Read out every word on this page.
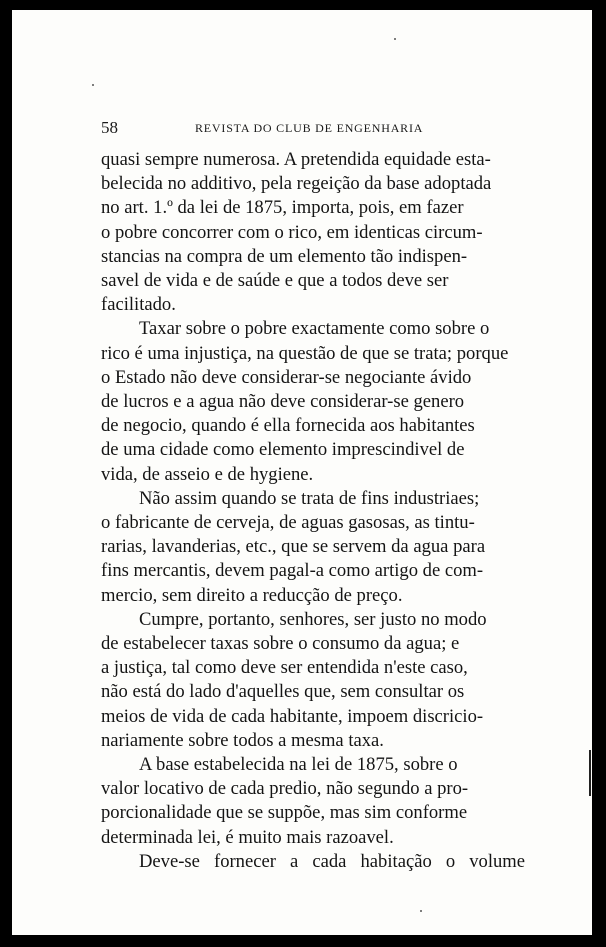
58	REVISTA DO CLUB DE ENGENHARIA

quasi sempre numerosa. A pretendida equidade esta-
belecida no additivo, pela regeição da base adoptada
no art. 1.º da lei de 1875, importa, pois, em fazer
o pobre concorrer com o rico, em identicas circum-
stancias na compra de um elemento tão indispen-
savel de vida e de saúde e que a todos deve ser
facilitado.

Taxar sobre o pobre exactamente como sobre o
rico é uma injustiça, na questão de que se trata; porque
o Estado não deve considerar-se negociante ávido
de lucros e a agua não deve considerar-se genero
de negocio, quando é ella fornecida aos habitantes
de uma cidade como elemento imprescindivel de
vida, de asseio e de hygiene.

Não assim quando se trata de fins industriaes;
o fabricante de cerveja, de aguas gasosas, as tintu-
rarias, lavanderias, etc., que se servem da agua para
fins mercantis, devem pagal-a como artigo de com-
mercio, sem direito a reducção de preço.

Cumpre, portanto, senhores, ser justo no modo
de estabelecer taxas sobre o consumo da agua; e
a justiça, tal como deve ser entendida n'este caso,
não está do lado d'aquelles que, sem consultar os
meios de vida de cada habitante, impoem discricio-
nariamente sobre todos a mesma taxa.

A base estabelecida na lei de 1875, sobre o
valor locativo de cada predio, não segundo a pro-
porcionalidade que se suppõe, mas sim conforme
determinada lei, é muito mais razoavel.

Deve-se fornecer a cada habitação o volume
